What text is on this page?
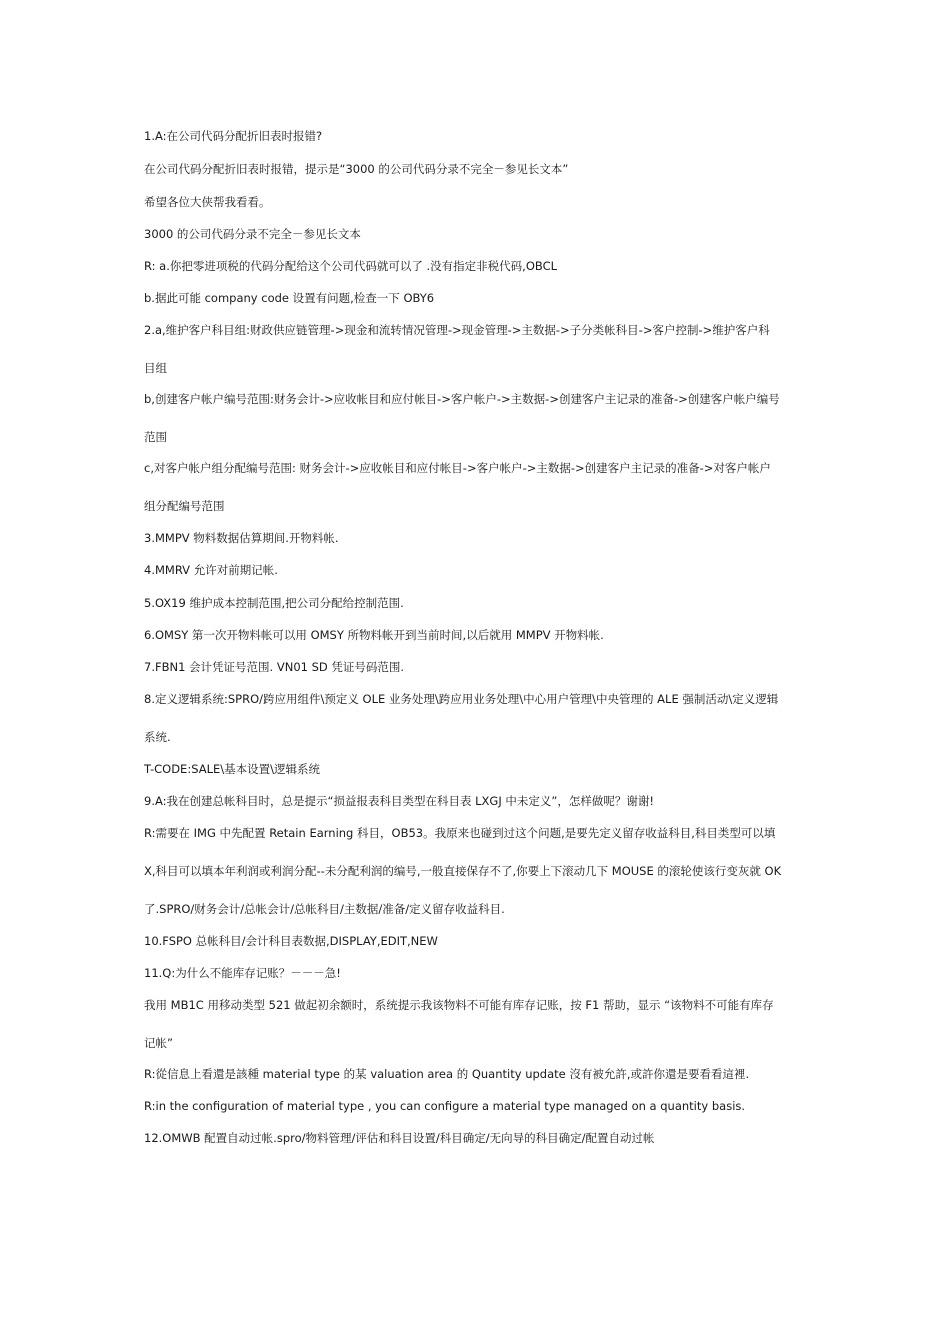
1.A:在公司代码分配折旧表时报错?
在公司代码分配折旧表时报错，提示是“3000 的公司代码分录不完全－参见长文本”
希望各位大侠帮我看看。
3000 的公司代码分录不完全－参见长文本
R: a.你把零进项税的代码分配给这个公司代码就可以了 .没有指定非税代码,OBCL
b.据此可能 company code 设置有问题,检查一下 OBY6
2.a,维护客户科目组:财政供应链管理->现金和流转情况管理->现金管理->主数据->子分类帐科目->客户控制->维护客户科
目组
b,创建客户帐户编号范围:财务会计->应收帐目和应付帐目->客户帐户->主数据->创建客户主记录的准备->创建客户帐户编号
范围
c,对客户帐户组分配编号范围: 财务会计->应收帐目和应付帐目->客户帐户->主数据->创建客户主记录的准备->对客户帐户
组分配编号范围
3.MMPV 物料数据估算期间.开物料帐.
4.MMRV 允许对前期记帐.
5.OX19 维护成本控制范围,把公司分配给控制范围.
6.OMSY 第一次开物料帐可以用 OMSY 所物料帐开到当前时间,以后就用 MMPV 开物料帐.
7.FBN1 会计凭证号范围. VN01 SD 凭证号码范围.
8.定义逻辑系统:SPRO/跨应用组件\预定义 OLE 业务处理\跨应用业务处理\中心用户管理\中央管理的 ALE 强制活动\定义逻辑
系统.
T-CODE:SALE\基本设置\逻辑系统
9.A:我在创建总帐科目时，总是提示“损益报表科目类型在科目表 LXGJ 中未定义”，怎样做呢？谢谢!
R:需要在 IMG 中先配置 Retain Earning 科目，OB53。我原来也碰到过这个问题,是要先定义留存收益科目,科目类型可以填
X,科目可以填本年利润或利润分配--未分配利润的编号,一般直接保存不了,你要上下滚动几下 MOUSE 的滚轮使该行变灰就 OK
了.SPRO/财务会计/总帐会计/总帐科目/主数据/准备/定义留存收益科目.
10.FSPO 总帐科目/会计科目表数据,DISPLAY,EDIT,NEW
11.Q:为什么不能库存记账？－－－急!
我用 MB1C 用移动类型 521 做起初余额时，系统提示我该物料不可能有库存记账，按 F1 帮助，显示 “该物料不可能有库存
记帐”
R:從信息上看還是該種 material type 的某 valuation area 的 Quantity update 沒有被允許,或許你還是要看看這裡.
R:in the configuration of material type , you can configure a material type managed on a quantity basis.
12.OMWB 配置自动过帐.spro/物料管理/评估和科目设置/科目确定/无向导的科目确定/配置自动过帐
